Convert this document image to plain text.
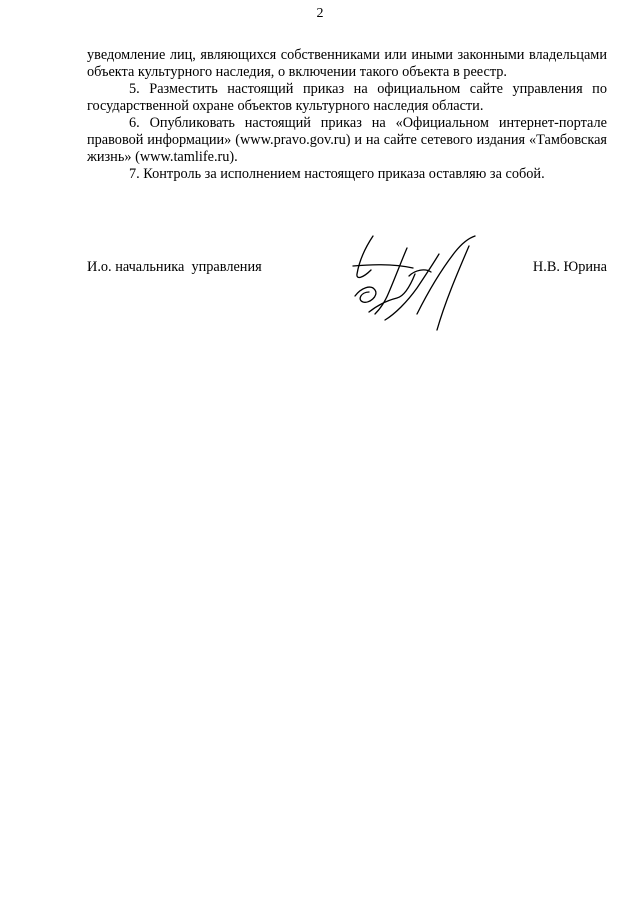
2

уведомление лиц, являющихся собственниками или иными законными владельцами объекта культурного наследия, о включении такого объекта в реестр.

5. Разместить настоящий приказ на официальном сайте управления по государственной охране объектов культурного наследия области.

6. Опубликовать настоящий приказ на «Официальном интернет-портале правовой информации» (www.pravo.gov.ru) и на сайте сетевого издания «Тамбовская жизнь» (www.tamlife.ru).

7. Контроль за исполнением настоящего приказа оставляю за собой.

И.о. начальника  управления	Н.В. Юрина
